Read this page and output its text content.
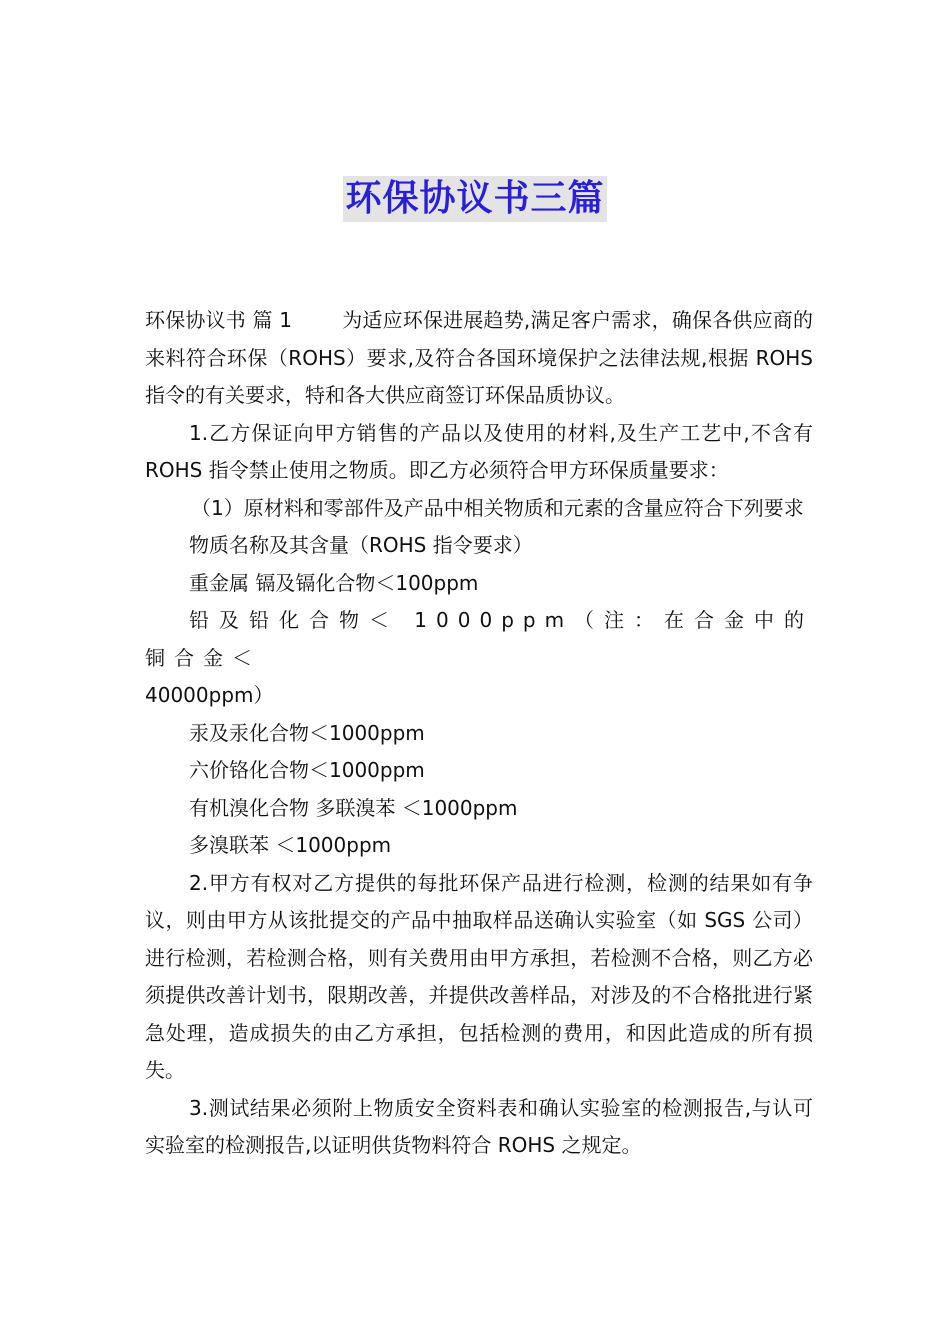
环保协议书三篇

环保协议书 篇 1	为适应环保进展趋势,满足客户需求，确保各供应商的来料符合环保（ROHS）要求,及符合各国环境保护之法律法规,根据 ROHS 指令的有关要求，特和各大供应商签订环保品质协议。

1.乙方保证向甲方销售的产品以及使用的材料,及生产工艺中,不含有 ROHS 指令禁止使用之物质。即乙方必须符合甲方环保质量要求：

（1）原材料和零部件及产品中相关物质和元素的含量应符合下列要求

物质名称及其含量（ROHS 指令要求）

重金属 镉及镉化合物＜100ppm

铅及铅化合物＜ 1000ppm（注：在合金中的铜合金＜

40000ppm）

汞及汞化合物＜1000ppm

六价铬化合物＜1000ppm

有机溴化合物 多联溴苯 ＜1000ppm

多溴联苯 ＜1000ppm

2.甲方有权对乙方提供的每批环保产品进行检测，检测的结果如有争议，则由甲方从该批提交的产品中抽取样品送确认实验室（如 SGS 公司）进行检测，若检测合格，则有关费用由甲方承担，若检测不合格，则乙方必须提供改善计划书，限期改善，并提供改善样品，对涉及的不合格批进行紧急处理，造成损失的由乙方承担，包括检测的费用，和因此造成的所有损失。

3.测试结果必须附上物质安全资料表和确认实验室的检测报告,与认可实验室的检测报告,以证明供货物料符合 ROHS 之规定。
